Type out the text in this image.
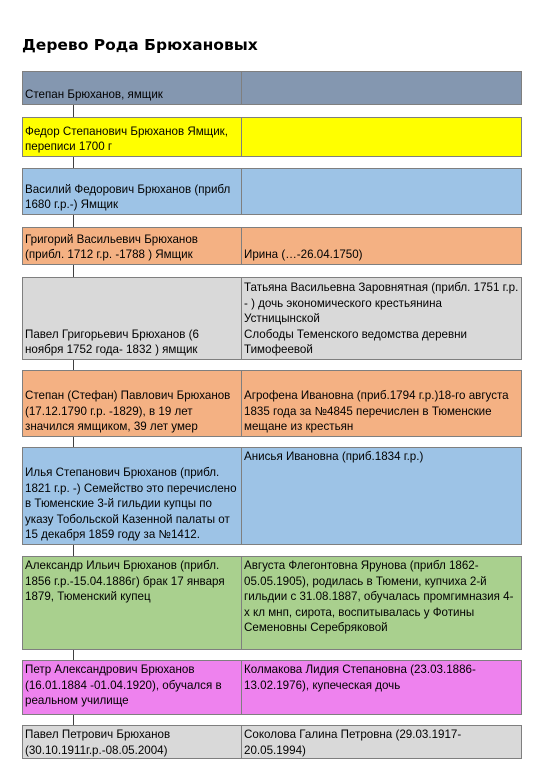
Дерево Рода Брюхановых
Степан Брюханов, ямщик
Федор Степанович Брюханов Ямщик, переписи 1700 г
Василий Федорович Брюханов (прибл 1680 г.р.-) Ямщик
Григорий Васильевич Брюханов (прибл. 1712 г.р. -1788 ) Ямщик	Ирина (…-26.04.1750)
Павел Григорьевич Брюханов (6 ноября 1752 года- 1832 ) ямщик
Татьяна Васильевна Заровнятная (прибл. 1751 г.р. - ) дочь экономического крестьянина Устницынской
Слободы Теменского ведомства деревни Тимофеевой
Степан (Стефан) Павлович Брюханов (17.12.1790 г.р. -1829), в 19 лет значился ямщиком, 39 лет умер
Агрофена Ивановна (приб.1794 г.р.)18-го августа 1835 года за №4845 перечислен в Тюменские мещане из крестьян
Илья Степанович Брюханов (прибл. 1821 г.р. -) Семейство это перечислено в Тюменские 3-й гильдии купцы по указу Тобольской Казенной палаты от 15 декабря 1859 году за №1412.
Анисья Ивановна (приб.1834 г.р.)
Александр Ильич Брюханов (прибл. 1856 г.р.-15.04.1886г) брак 17 января 1879, Тюменский купец
Августа Флегонтовна Ярунова (прибл 1862-05.05.1905), родилась в Тюмени, купчиха 2-й гильдии с 31.08.1887, обучалась промгимназия 4-х кл мнп, сирота, воспитывалась у Фотины Семеновны Серебряковой
Петр Александрович Брюханов (16.01.1884 -01.04.1920), обучался в реальном училище
Колмакова Лидия Степановна (23.03.1886-13.02.1976), купеческая дочь
Павел Петрович Брюханов (30.10.1911г.р.-08.05.2004)
Соколова Галина Петровна (29.03.1917-20.05.1994)
